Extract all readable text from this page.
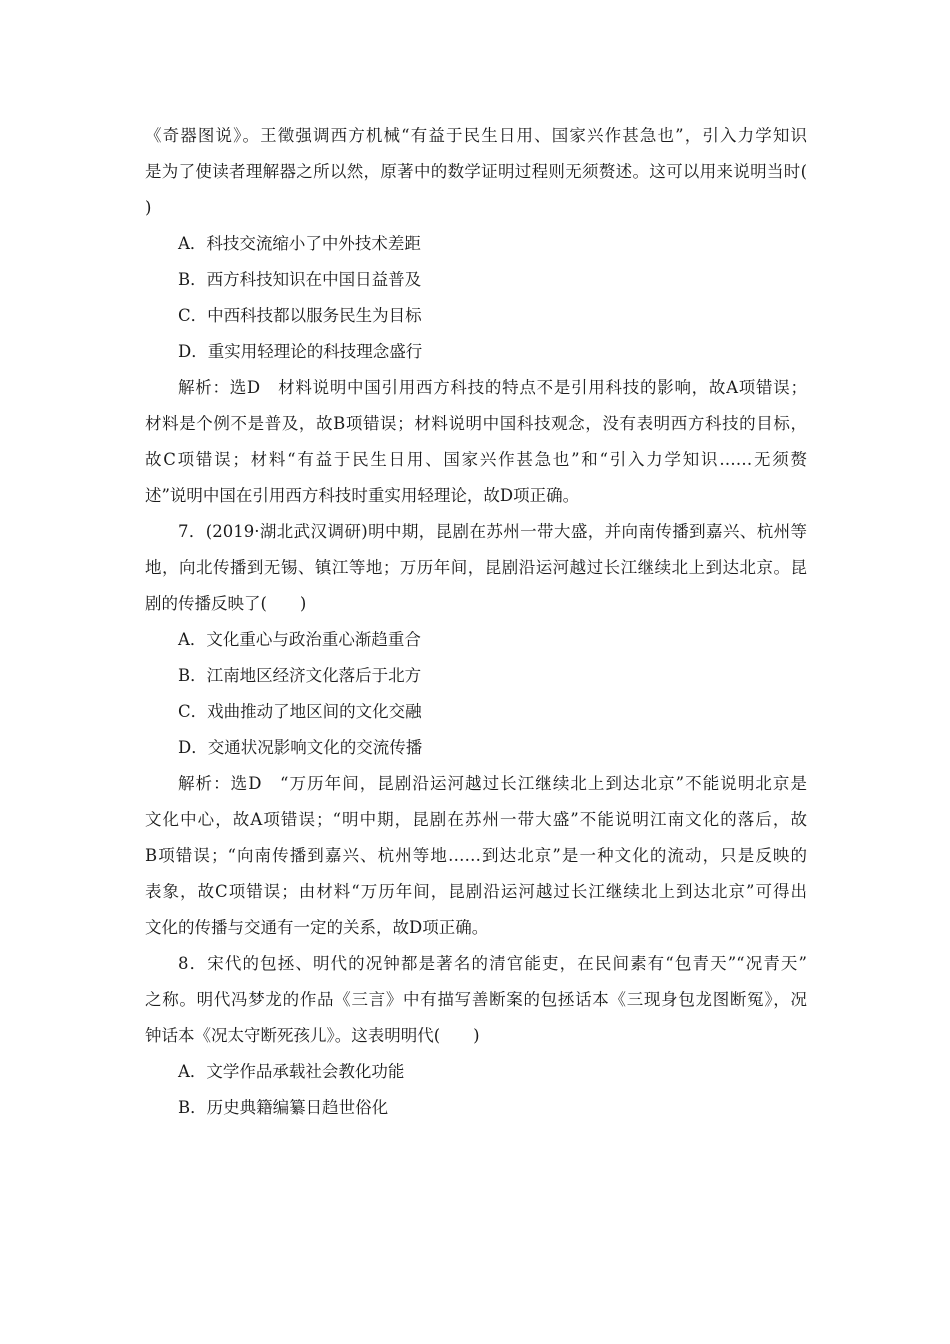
《奇器图说》。王徵强调西方机械“有益于民生日用、国家兴作甚急也”，引入力学知识
是为了使读者理解器之所以然，原著中的数学证明过程则无须赘述。这可以用来说明当时(
)
A．科技交流缩小了中外技术差距
B．西方科技知识在中国日益普及
C．中西科技都以服务民生为目标
D．重实用轻理论的科技理念盛行
解析：选D　材料说明中国引用西方科技的特点不是引用科技的影响，故A项错误；
材料是个例不是普及，故B项错误；材料说明中国科技观念，没有表明西方科技的目标，
故C项错误；材料“有益于民生日用、国家兴作甚急也”和“引入力学知识……无须赘
述”说明中国在引用西方科技时重实用轻理论，故D项正确。
7．(2019·湖北武汉调研)明中期，昆剧在苏州一带大盛，并向南传播到嘉兴、杭州等
地，向北传播到无锡、镇江等地；万历年间，昆剧沿运河越过长江继续北上到达北京。昆
剧的传播反映了(　　)
A．文化重心与政治重心渐趋重合
B．江南地区经济文化落后于北方
C．戏曲推动了地区间的文化交融
D．交通状况影响文化的交流传播
解析：选D　“万历年间，昆剧沿运河越过长江继续北上到达北京”不能说明北京是
文化中心，故A项错误；“明中期，昆剧在苏州一带大盛”不能说明江南文化的落后，故
B项错误；“向南传播到嘉兴、杭州等地……到达北京”是一种文化的流动，只是反映的
表象，故C项错误；由材料“万历年间，昆剧沿运河越过长江继续北上到达北京”可得出
文化的传播与交通有一定的关系，故D项正确。
8．宋代的包拯、明代的况钟都是著名的清官能吏，在民间素有“包青天”“况青天”
之称。明代冯梦龙的作品《三言》中有描写善断案的包拯话本《三现身包龙图断冤》，况
钟话本《况太守断死孩儿》。这表明明代(　　)
A．文学作品承载社会教化功能
B．历史典籍编纂日趋世俗化
